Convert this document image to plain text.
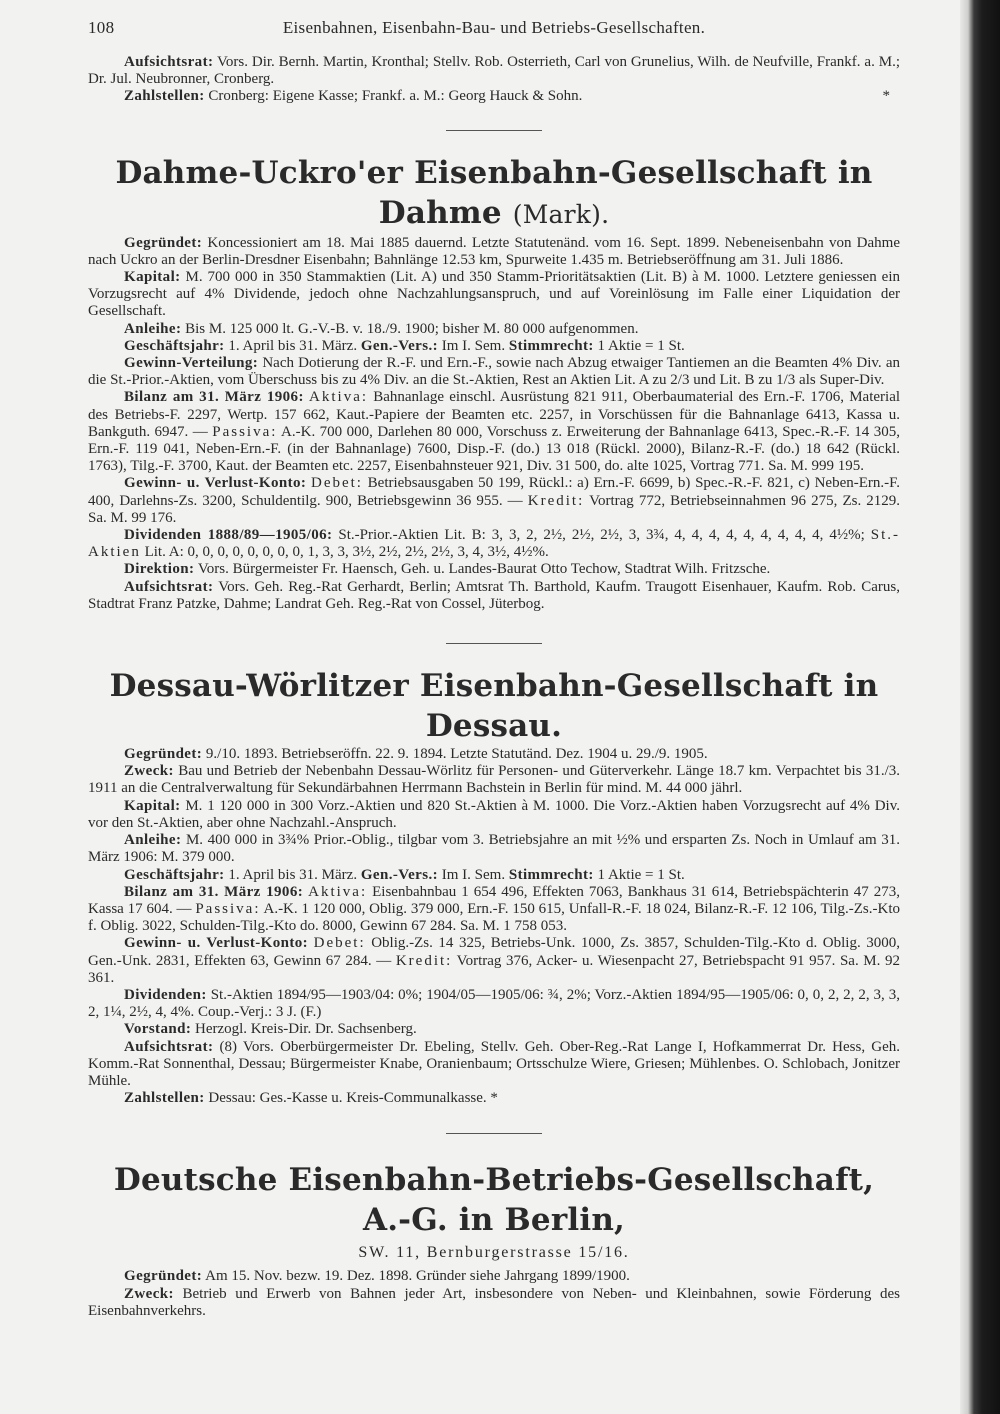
108	Eisenbahnen, Eisenbahn-Bau- und Betriebs-Gesellschaften.

Aufsichtsrat: Vors. Dir. Bernh. Martin, Kronthal; Stellv. Rob. Osterrieth, Carl von Grunelius, Wilh. de Neufville, Frankf. a. M.; Dr. Jul. Neubronner, Cronberg.

Zahlstellen: Cronberg: Eigene Kasse; Frankf. a. M.: Georg Hauck & Sohn.	*

Dahme-Uckro'er Eisenbahn-Gesellschaft in Dahme (Mark).

Gegründet: Koncessioniert am 18. Mai 1885 dauernd. Letzte Statutenänd. vom 16. Sept. 1899. Nebeneisenbahn von Dahme nach Uckro an der Berlin-Dresdner Eisenbahn; Bahnlänge 12.53 km, Spurweite 1.435 m. Betriebseröffnung am 31. Juli 1886.

Kapital: M. 700 000 in 350 Stammaktien (Lit. A) und 350 Stamm-Prioritätsaktien (Lit. B) à M. 1000. Letztere geniessen ein Vorzugsrecht auf 4% Dividende, jedoch ohne Nachzahlungsanspruch, und auf Voreinlösung im Falle einer Liquidation der Gesellschaft.

Anleihe: Bis M. 125 000 lt. G.-V.-B. v. 18./9. 1900; bisher M. 80 000 aufgenommen.

Geschäftsjahr: 1. April bis 31. März. Gen.-Vers.: Im I. Sem. Stimmrecht: 1 Aktie = 1 St.

Gewinn-Verteilung: Nach Dotierung der R.-F. und Ern.-F., sowie nach Abzug etwaiger Tantiemen an die Beamten 4% Div. an die St.-Prior.-Aktien, vom Überschuss bis zu 4% Div. an die St.-Aktien, Rest an Aktien Lit. A zu 2/3 und Lit. B zu 1/3 als Super-Div.

Bilanz am 31. März 1906: Aktiva: Bahnanlage einschl. Ausrüstung 821 911, Oberbaumaterial des Ern.-F. 1706, Material des Betriebs-F. 2297, Wertp. 157 662, Kaut.-Papiere der Beamten etc. 2257, in Vorschüssen für die Bahnanlage 6413, Kassa u. Bankguth. 6947. — Passiva: A.-K. 700 000, Darlehen 80 000, Vorschuss z. Erweiterung der Bahnanlage 6413, Spec.-R.-F. 14 305, Ern.-F. 119 041, Neben-Ern.-F. (in der Bahnanlage) 7600, Disp.-F. (do.) 13 018 (Rückl. 2000), Bilanz-R.-F. (do.) 18 642 (Rückl. 1763), Tilg.-F. 3700, Kaut. der Beamten etc. 2257, Eisenbahnsteuer 921, Div. 31 500, do. alte 1025, Vortrag 771. Sa. M. 999 195.

Gewinn- u. Verlust-Konto: Debet: Betriebsausgaben 50 199, Rückl.: a) Ern.-F. 6699, b) Spec.-R.-F. 821, c) Neben-Ern.-F. 400, Darlehns-Zs. 3200, Schuldentilg. 900, Betriebsgewinn 36 955. — Kredit: Vortrag 772, Betriebseinnahmen 96 275, Zs. 2129. Sa. M. 99 176.

Dividenden 1888/89—1905/06: St.-Prior.-Aktien Lit. B: 3, 3, 2, 2½, 2½, 2½, 3, 3¾, 4, 4, 4, 4, 4, 4, 4, 4, 4, 4½%; St.-Aktien Lit. A: 0, 0, 0, 0, 0, 0, 0, 0, 1, 3, 3, 3½, 2½, 2½, 2½, 3, 4, 3½, 4½%.

Direktion: Vors. Bürgermeister Fr. Haensch, Geh. u. Landes-Baurat Otto Techow, Stadtrat Wilh. Fritzsche.

Aufsichtsrat: Vors. Geh. Reg.-Rat Gerhardt, Berlin; Amtsrat Th. Barthold, Kaufm. Traugott Eisenhauer, Kaufm. Rob. Carus, Stadtrat Franz Patzke, Dahme; Landrat Geh. Reg.-Rat von Cossel, Jüterbog.

Dessau-Wörlitzer Eisenbahn-Gesellschaft in Dessau.

Gegründet: 9./10. 1893. Betriebseröffn. 22. 9. 1894. Letzte Statutänd. Dez. 1904 u. 29./9. 1905.

Zweck: Bau und Betrieb der Nebenbahn Dessau-Wörlitz für Personen- und Güterverkehr. Länge 18.7 km. Verpachtet bis 31./3. 1911 an die Centralverwaltung für Sekundärbahnen Herrmann Bachstein in Berlin für mind. M. 44 000 jährl.

Kapital: M. 1 120 000 in 300 Vorz.-Aktien und 820 St.-Aktien à M. 1000. Die Vorz.-Aktien haben Vorzugsrecht auf 4% Div. vor den St.-Aktien, aber ohne Nachzahl.-Anspruch.

Anleihe: M. 400 000 in 3¾% Prior.-Oblig., tilgbar vom 3. Betriebsjahre an mit ½% und ersparten Zs. Noch in Umlauf am 31. März 1906: M. 379 000.

Geschäftsjahr: 1. April bis 31. März. Gen.-Vers.: Im I. Sem. Stimmrecht: 1 Aktie = 1 St.

Bilanz am 31. März 1906: Aktiva: Eisenbahnbau 1 654 496, Effekten 7063, Bankhaus 31 614, Betriebspächterin 47 273, Kassa 17 604. — Passiva: A.-K. 1 120 000, Oblig. 379 000, Ern.-F. 150 615, Unfall-R.-F. 18 024, Bilanz-R.-F. 12 106, Tilg.-Zs.-Kto f. Oblig. 3022, Schulden-Tilg.-Kto do. 8000, Gewinn 67 284. Sa. M. 1 758 053.

Gewinn- u. Verlust-Konto: Debet: Oblig.-Zs. 14 325, Betriebs-Unk. 1000, Zs. 3857, Schulden-Tilg.-Kto d. Oblig. 3000, Gen.-Unk. 2831, Effekten 63, Gewinn 67 284. — Kredit: Vortrag 376, Acker- u. Wiesenpacht 27, Betriebspacht 91 957. Sa. M. 92 361.

Dividenden: St.-Aktien 1894/95—1903/04: 0%; 1904/05—1905/06: ¾, 2%; Vorz.-Aktien 1894/95—1905/06: 0, 0, 2, 2, 2, 3, 3, 2, 1¼, 2½, 4, 4%. Coup.-Verj.: 3 J. (F.)

Vorstand: Herzogl. Kreis-Dir. Dr. Sachsenberg.

Aufsichtsrat: (8) Vors. Oberbürgermeister Dr. Ebeling, Stellv. Geh. Ober-Reg.-Rat Lange I, Hofkammerrat Dr. Hess, Geh. Komm.-Rat Sonnenthal, Dessau; Bürgermeister Knabe, Oranienbaum; Ortsschulze Wiere, Griesen; Mühlenbes. O. Schlobach, Jonitzer Mühle.

Zahlstellen: Dessau: Ges.-Kasse u. Kreis-Communalkasse. *

Deutsche Eisenbahn-Betriebs-Gesellschaft, A.-G. in Berlin,
SW. 11, Bernburgerstrasse 15/16.

Gegründet: Am 15. Nov. bezw. 19. Dez. 1898. Gründer siehe Jahrgang 1899/1900.

Zweck: Betrieb und Erwerb von Bahnen jeder Art, insbesondere von Neben- und Kleinbahnen, sowie Förderung des Eisenbahnverkehrs.
